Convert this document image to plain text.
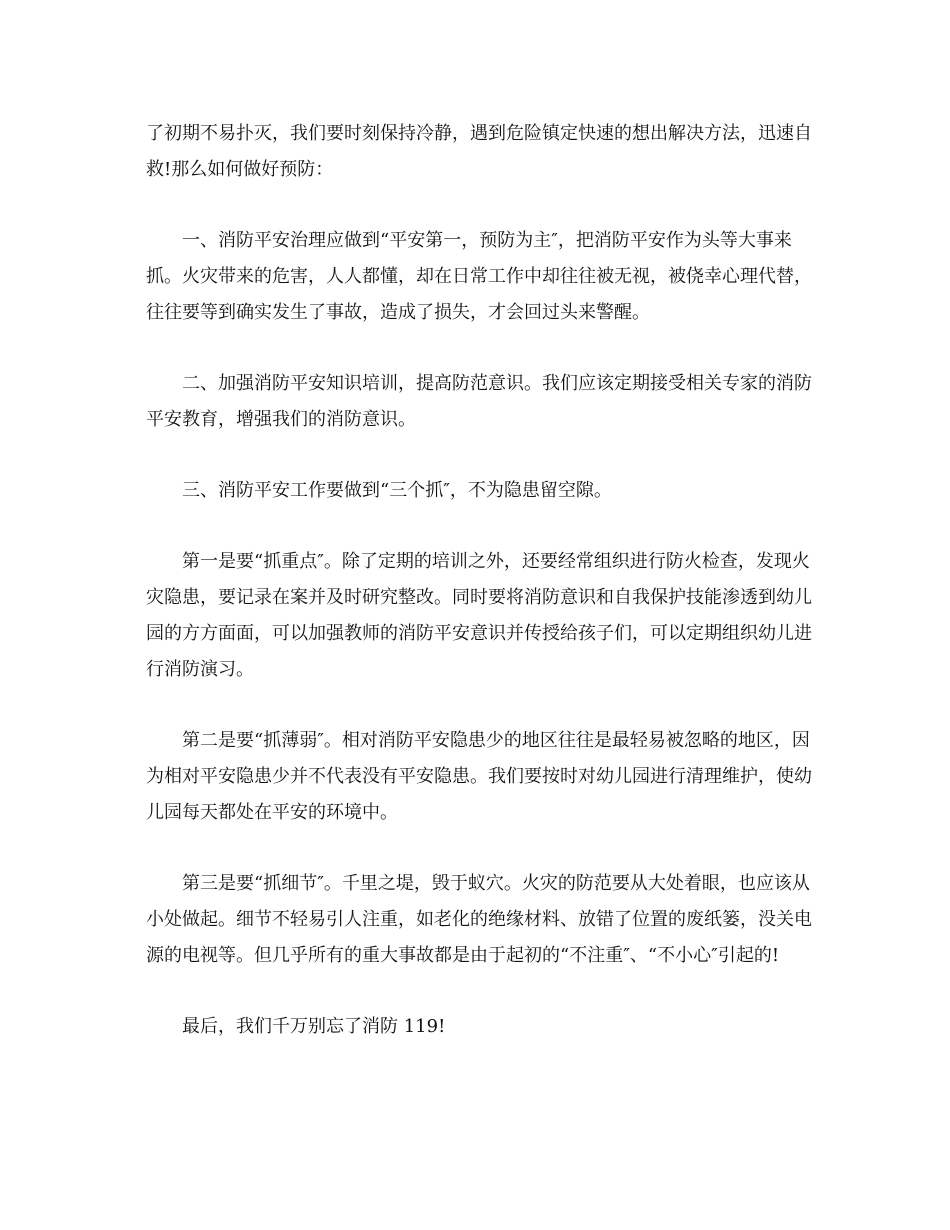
了初期不易扑灭，我们要时刻保持冷静，遇到危险镇定快速的想出解决方法，迅速自救!那么如何做好预防：

一、消防平安治理应做到“平安第一，预防为主″，把消防平安作为头等大事来抓。火灾带来的危害，人人都懂，却在日常工作中却往往被无视，被侥幸心理代替，往往要等到确实发生了事故，造成了损失，才会回过头来警醒。

二、加强消防平安知识培训，提高防范意识。我们应该定期接受相关专家的消防平安教育，增强我们的消防意识。

三、消防平安工作要做到“三个抓″，不为隐患留空隙。

第一是要“抓重点″。除了定期的培训之外，还要经常组织进行防火检查，发现火灾隐患，要记录在案并及时研究整改。同时要将消防意识和自我保护技能渗透到幼儿园的方方面面，可以加强教师的消防平安意识并传授给孩子们，可以定期组织幼儿进行消防演习。

第二是要“抓薄弱″。相对消防平安隐患少的地区往往是最轻易被忽略的地区，因为相对平安隐患少并不代表没有平安隐患。我们要按时对幼儿园进行清理维护，使幼儿园每天都处在平安的环境中。

第三是要“抓细节″。千里之堤，毁于蚁穴。火灾的防范要从大处着眼，也应该从小处做起。细节不轻易引人注重，如老化的绝缘材料、放错了位置的废纸篓，没关电源的电视等。但几乎所有的重大事故都是由于起初的“不注重″、“不小心″引起的!

最后，我们千万别忘了消防 119!
